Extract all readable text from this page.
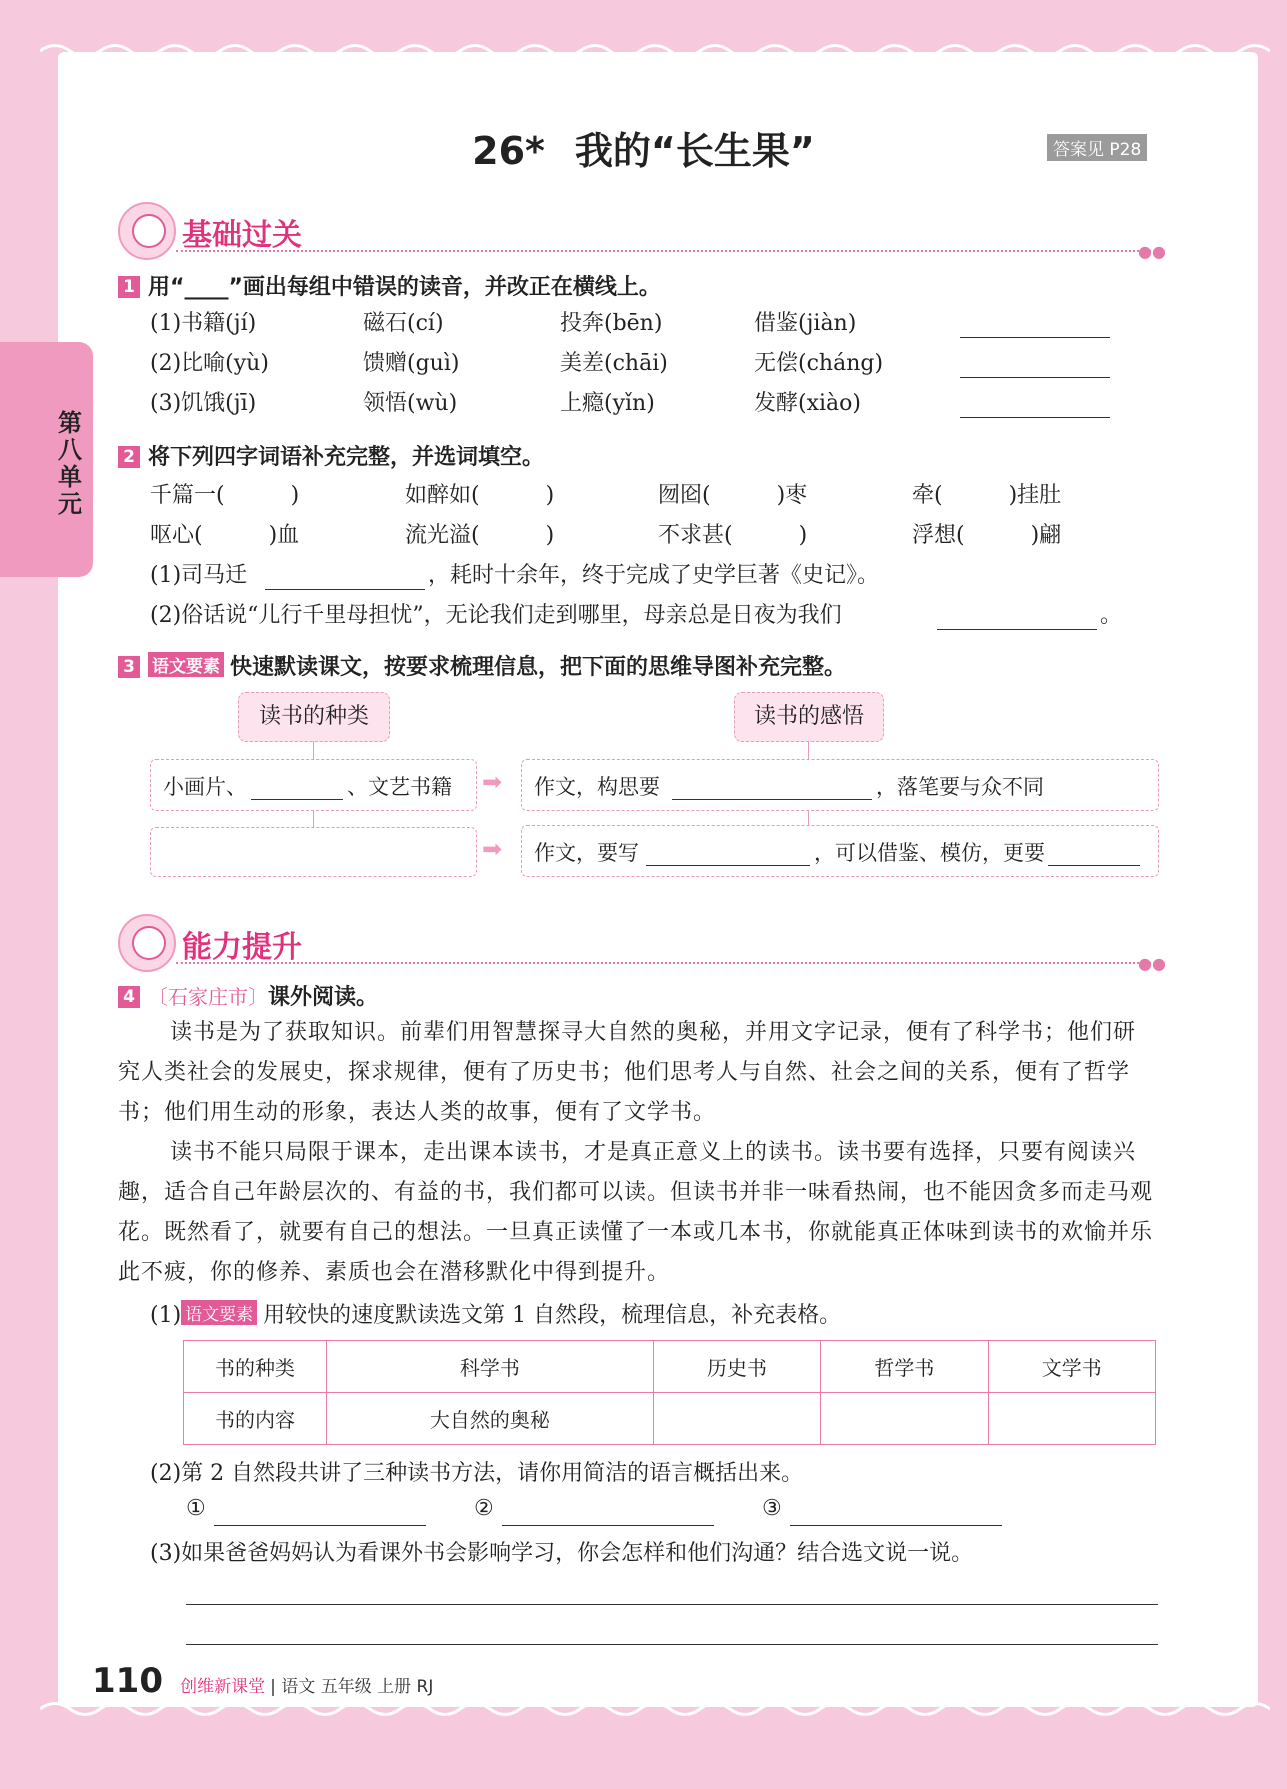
第八单元
26* 我的“长生果”	答案见 P28
基础过关	●●
1 用“____”画出每组中错误的读音，并改正在横线上。
(1)书籍(jí)	磁石(cí)	投奔(bēn)	借鉴(jiàn)
(2)比喻(yù)	馈赠(guì)	美差(chāi)	无偿(cháng)
(3)饥饿(jī)	领悟(wù)	上瘾(yǐn)	发酵(xiào)
2 将下列四字词语补充完整，并选词填空。
千篇一(　　　)	如醉如(　　　)	囫囵(　　　)枣	牵(　　　)挂肚
呕心(　　　)血	流光溢(　　　)	不求甚(　　　)	浮想(　　　)翩
(1)司马迁	，耗时十余年，终于完成了史学巨著《史记》。
(2)俗话说“儿行千里母担忧”，无论我们走到哪里，母亲总是日夜为我们	。
3 语文要素 快速默读课文，按要求梳理信息，把下面的思维导图补充完整。
读书的种类	读书的感悟
小画片、	、文艺书籍 ➡ 作文，构思要	，落笔要与众不同
➡ 作文，要写	，可以借鉴、模仿，更要
能力提升	●●
4 〔石家庄市〕课外阅读。
读书是为了获取知识。前辈们用智慧探寻大自然的奥秘，并用文字记录，便有了科学书；他们研究人类社会的发展史，探求规律，便有了历史书；他们思考人与自然、社会之间的关系，便有了哲学书；他们用生动的形象，表达人类的故事，便有了文学书。
读书不能只局限于课本，走出课本读书，才是真正意义上的读书。读书要有选择，只要有阅读兴趣，适合自己年龄层次的、有益的书，我们都可以读。但读书并非一味看热闹，也不能因贪多而走马观花。既然看了，就要有自己的想法。一旦真正读懂了一本或几本书，你就能真正体味到读书的欢愉并乐此不疲，你的修养、素质也会在潜移默化中得到提升。
(1) 语文要素 用较快的速度默读选文第 1 自然段，梳理信息，补充表格。
书的种类	科学书	历史书	哲学书	文学书
书的内容	大自然的奥秘			
(2)第 2 自然段共讲了三种读书方法，请你用简洁的语言概括出来。
①	②	③
(3)如果爸爸妈妈认为看课外书会影响学习，你会怎样和他们沟通？结合选文说一说。
110 创维新课堂 | 语文 五年级 上册 RJ
